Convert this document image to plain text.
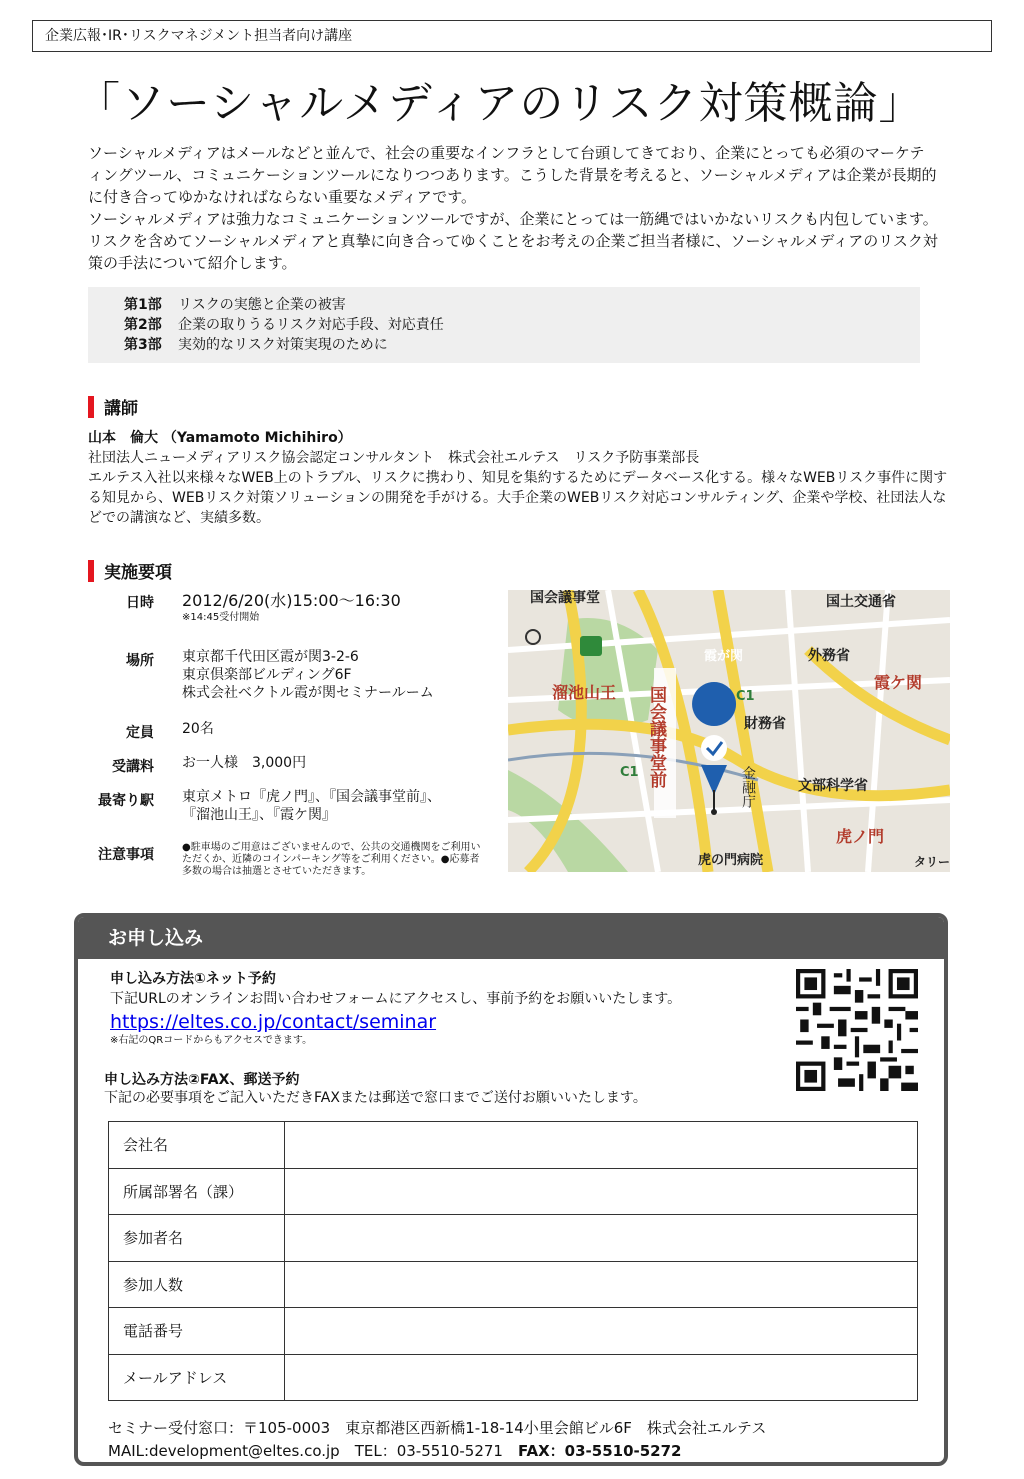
企業広報･IR･リスクマネジメント担当者向け講座
「ソーシャルメディアのリスク対策概論」

ソーシャルメディアはメールなどと並んで、社会の重要なインフラとして台頭してきており、企業にとっても必須のマーケティングツール、コミュニケーションツールになりつつあります。こうした背景を考えると、ソーシャルメディアは企業が長期的に付き合ってゆかなければならない重要なメディアです。

ソーシャルメディアは強力なコミュニケーションツールですが、企業にとっては一筋縄ではいかないリスクも内包しています。リスクを含めてソーシャルメディアと真摯に向き合ってゆくことをお考えの企業ご担当者様に、ソーシャルメディアのリスク対策の手法について紹介します。

第1部	リスクの実態と企業の被害
第2部	企業の取りうるリスク対応手段、対応責任
第3部	実効的なリスク対策実現のために
講師
山本　倫大 （Yamamoto Michihiro）
社団法人ニューメディアリスク協会認定コンサルタント　株式会社エルテス　リスク予防事業部長
エルテス入社以来様々なWEB上のトラブル、リスクに携わり、知見を集約するためにデータベース化する。様々なWEBリスク事件に関する知見から、WEBリスク対策ソリューションの開発を手がける。大手企業のWEBリスク対応コンサルティング、企業や学校、社団法人などでの講演など、実績多数。
実施要項
日時 2012/6/20(水)15:00～16:30
※14:45受付開始
場所 東京都千代田区霞が関3-2-6
東京倶楽部ビルディング6F
株式会社ベクトル霞が関セミナールーム
定員 20名
受講料 お一人様　3,000円
最寄り駅 東京メトロ『虎ノ門』、『国会議事堂前』、
『溜池山王』、『霞ケ関』
注意事項	●駐車場のご用意はございませんので、公共の交通機関をご利用いただくか、近隣のコインパーキング等をご利用ください。●応募者多数の場合は抽選とさせていただきます。
国会議事堂	国土交通省
外務省
霞が関
溜池山王
霞ケ関
財務省
文部科学省
虎ノ門
虎の門病院
C1
C1
タリー
国会議事堂前	金融庁
お申し込み
申し込み方法①ネット予約
下記URLのオンラインお問い合わせフォームにアクセスし、事前予約をお願いいたします。
https://eltes.co.jp/contact/seminar
※右記のQRコードからもアクセスできます。
申し込み方法②FAX、郵送予約
下記の必要事項をご記入いただきFAXまたは郵送で窓口までご送付お願いいたします。
会社名	
所属部署名（課）	
参加者名	
参加人数	
電話番号	
メールアドレス	
セミナー受付窓口：〒105-0003　東京都港区西新橋1-18-14小里会館ビル6F　株式会社エルテス
MAIL:development@eltes.co.jp　TEL：03-5510-5271　FAX：03-5510-5272
